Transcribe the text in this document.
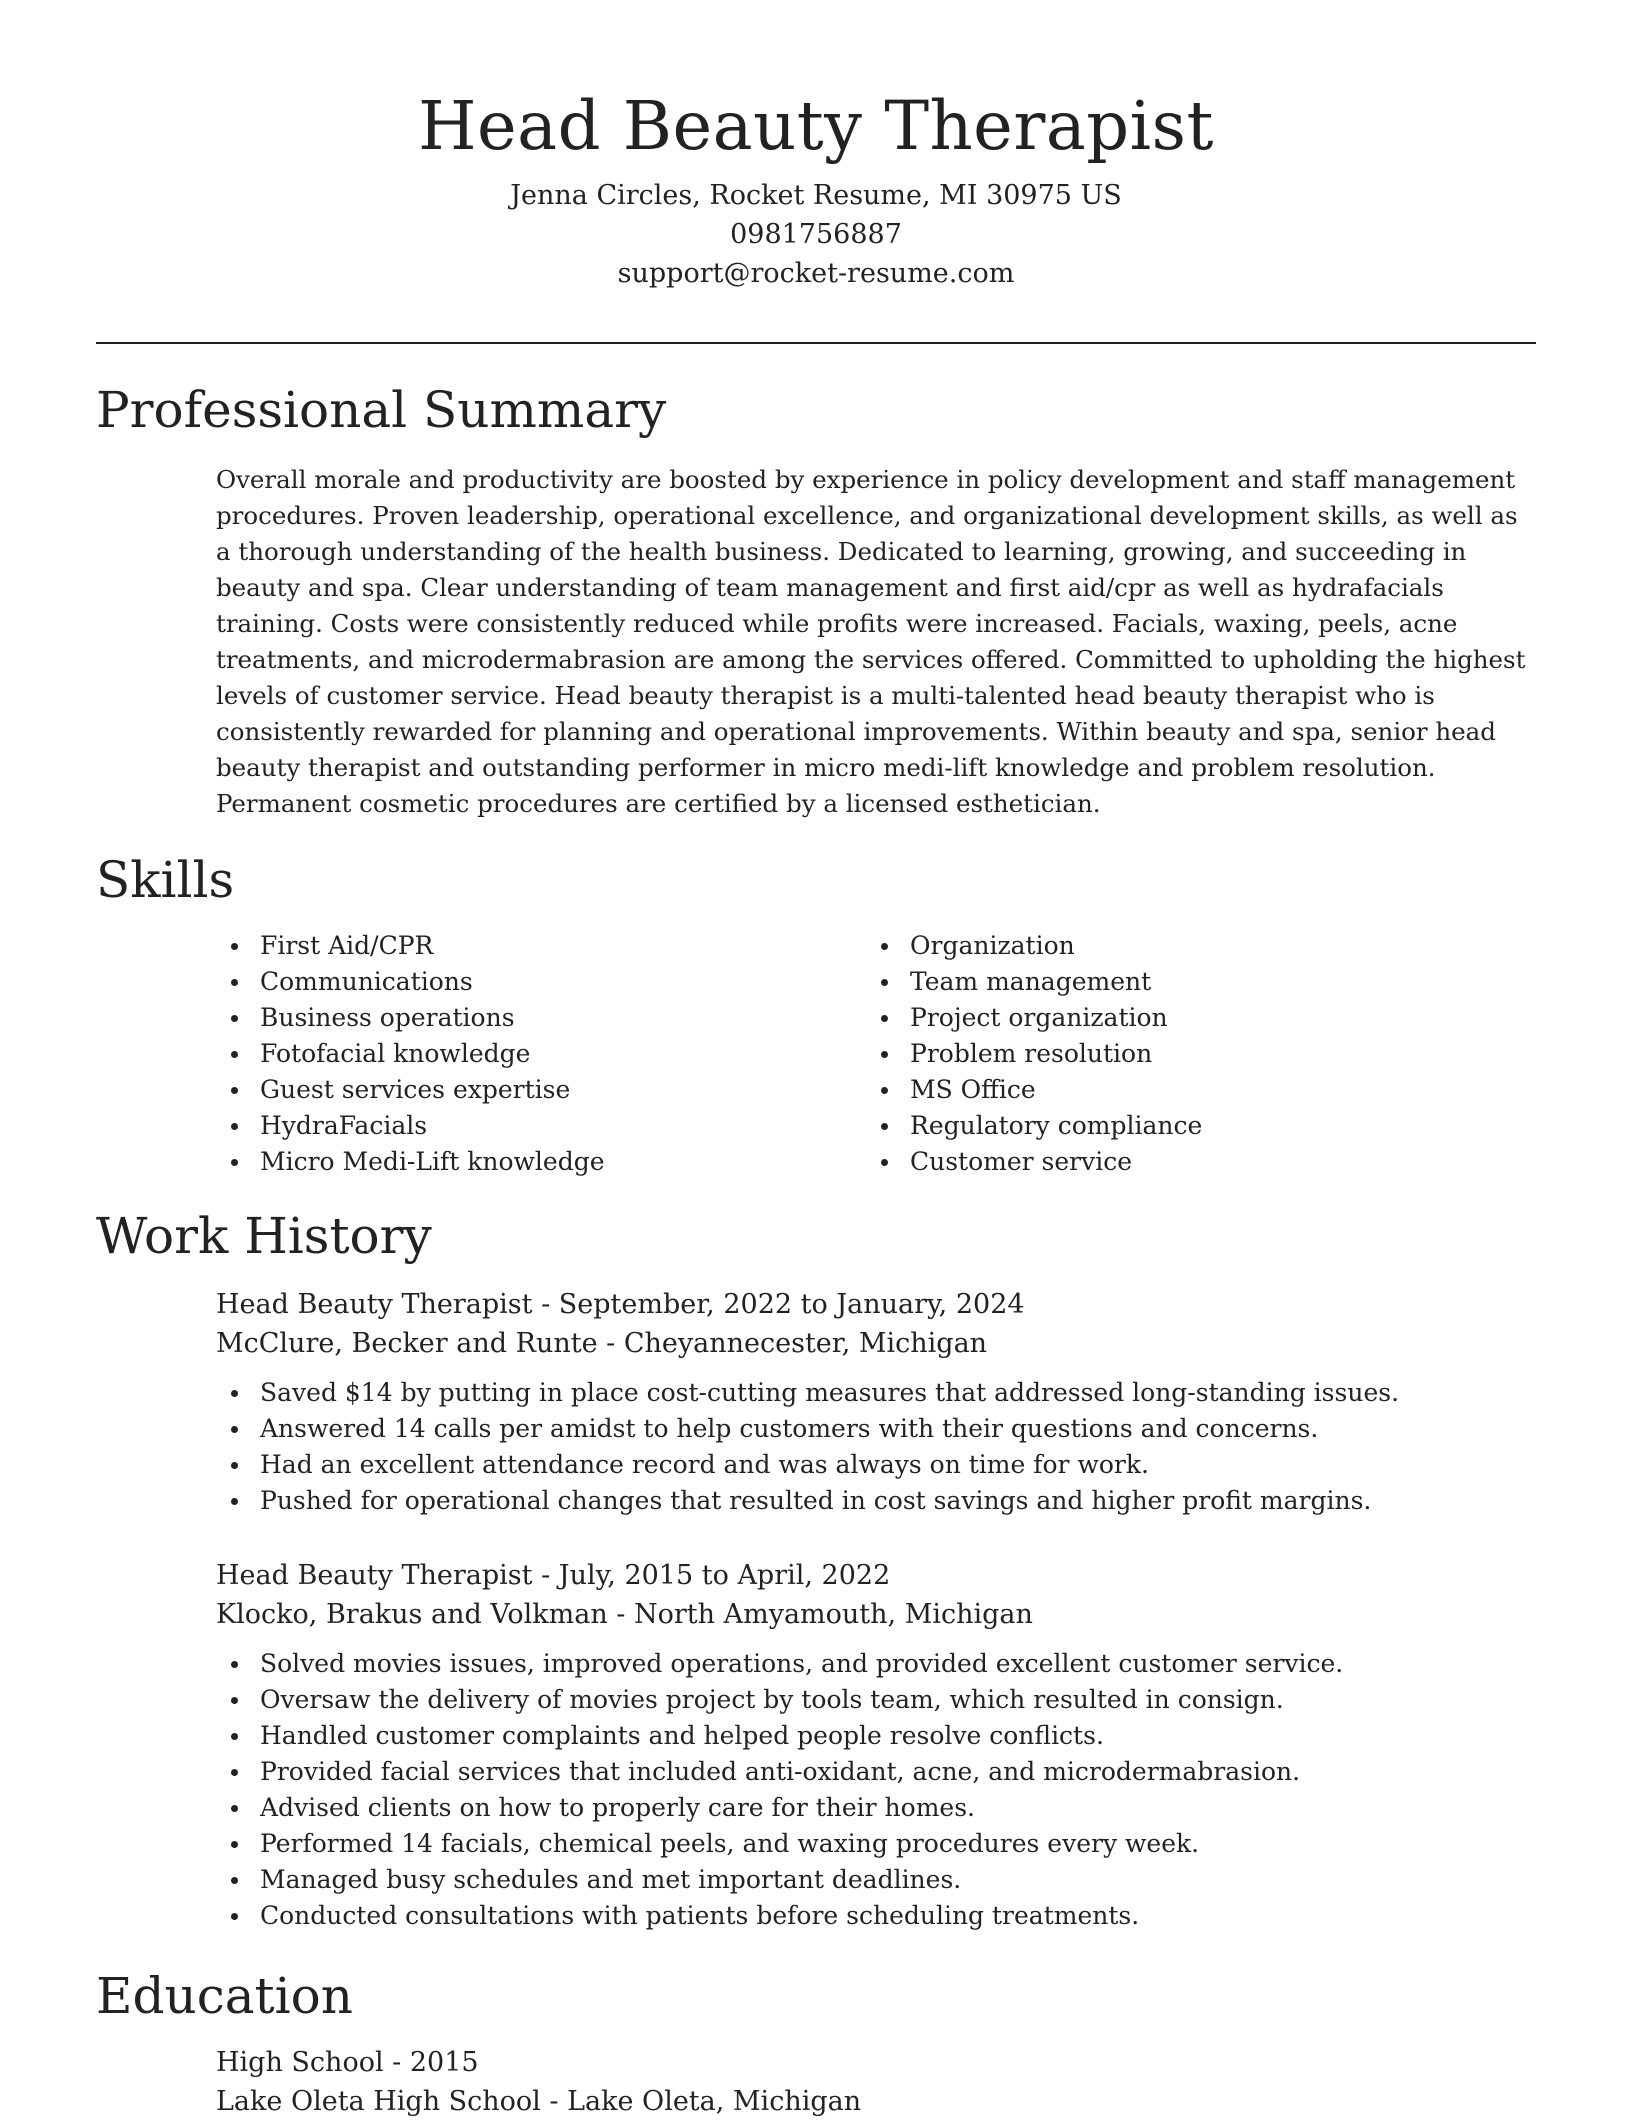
Head Beauty Therapist

Jenna Circles, Rocket Resume, MI 30975 US

0981756887

support@rocket-resume.com

Professional Summary

Overall morale and productivity are boosted by experience in policy development and staff management procedures. Proven leadership, operational excellence, and organizational development skills, as well as a thorough understanding of the health business. Dedicated to learning, growing, and succeeding in beauty and spa. Clear understanding of team management and first aid/cpr as well as hydrafacials training. Costs were consistently reduced while profits were increased. Facials, waxing, peels, acne treatments, and microdermabrasion are among the services offered. Committed to upholding the highest levels of customer service. Head beauty therapist is a multi-talented head beauty therapist who is consistently rewarded for planning and operational improvements. Within beauty and spa, senior head beauty therapist and outstanding performer in micro medi-lift knowledge and problem resolution. Permanent cosmetic procedures are certified by a licensed esthetician.

Skills
First Aid/CPR
Communications
Business operations
Fotofacial knowledge
Guest services expertise
HydraFacials
Micro Medi-Lift knowledge
Organization
Team management
Project organization
Problem resolution
MS Office
Regulatory compliance
Customer service
Work History

Head Beauty Therapist - September, 2022 to January, 2024

McClure, Becker and Runte - Cheyannecester, Michigan

Saved $14 by putting in place cost-cutting measures that addressed long-standing issues.
Answered 14 calls per amidst to help customers with their questions and concerns.
Had an excellent attendance record and was always on time for work.
Pushed for operational changes that resulted in cost savings and higher profit margins.

Head Beauty Therapist - July, 2015 to April, 2022

Klocko, Brakus and Volkman - North Amyamouth, Michigan

Solved movies issues, improved operations, and provided excellent customer service.
Oversaw the delivery of movies project by tools team, which resulted in consign.
Handled customer complaints and helped people resolve conflicts.
Provided facial services that included anti-oxidant, acne, and microdermabrasion.
Advised clients on how to properly care for their homes.
Performed 14 facials, chemical peels, and waxing procedures every week.
Managed busy schedules and met important deadlines.
Conducted consultations with patients before scheduling treatments.
Education

High School - 2015

Lake Oleta High School - Lake Oleta, Michigan
